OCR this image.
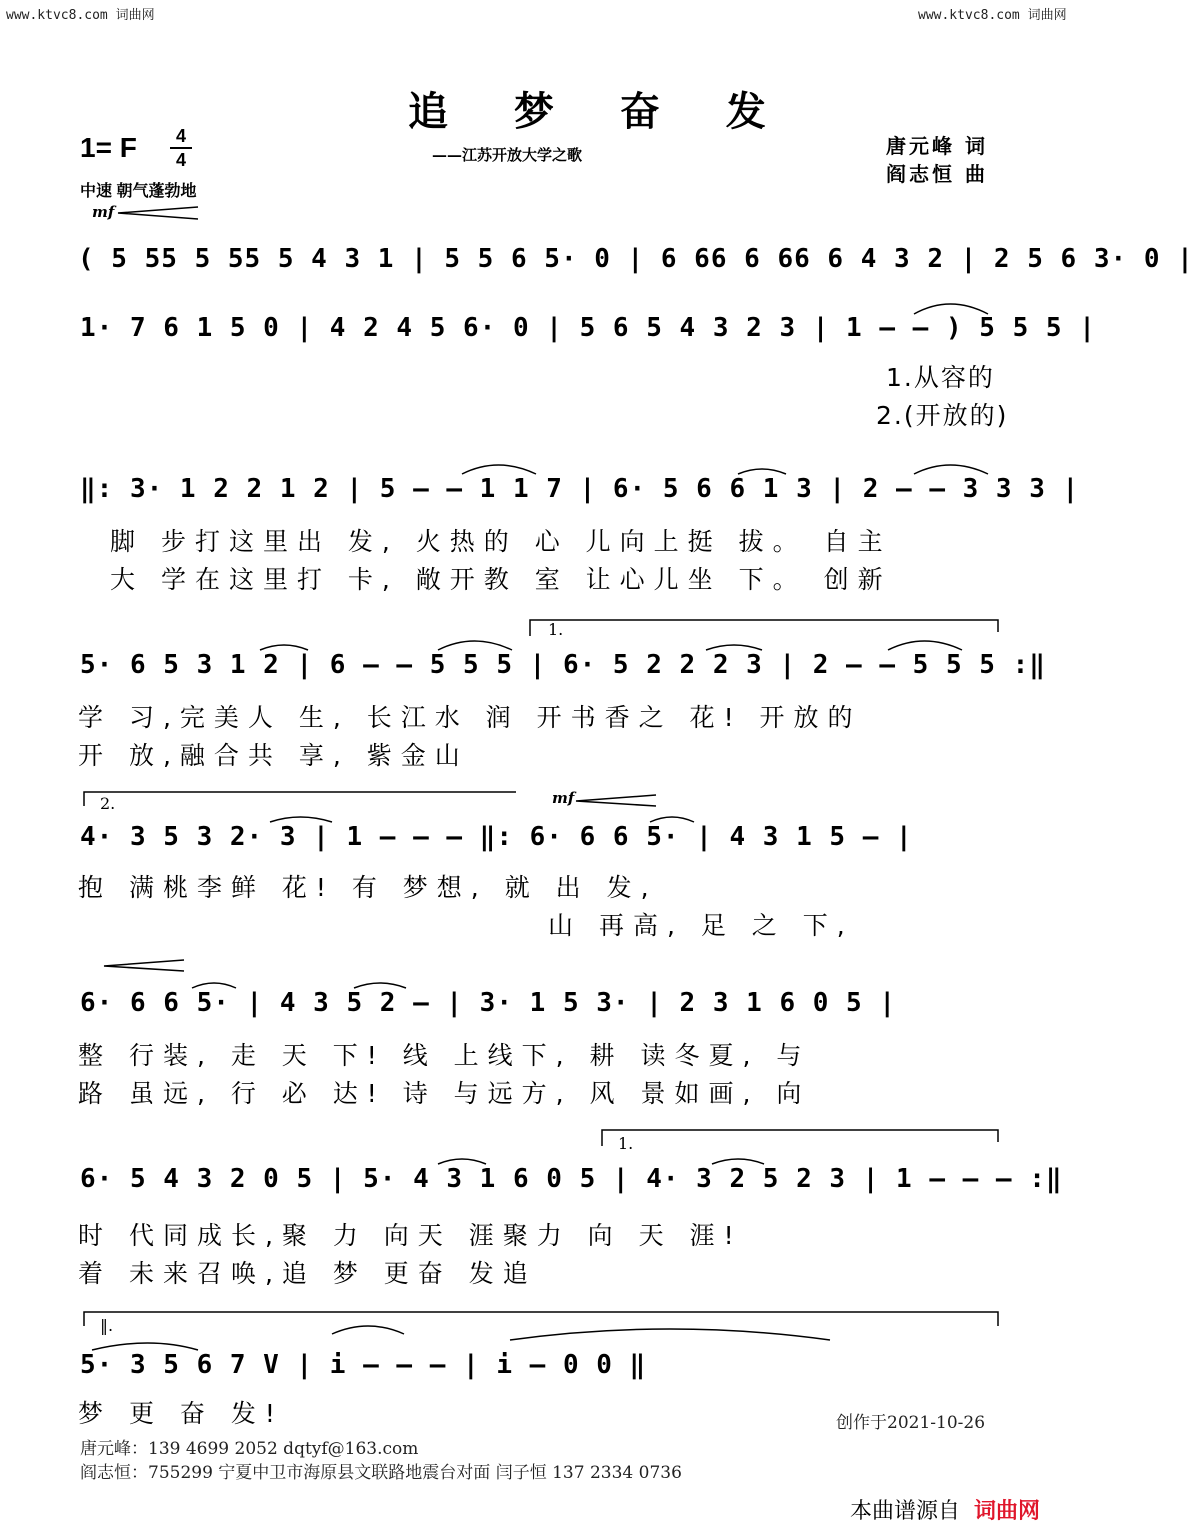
www.ktvc8.com 词曲网	www.ktvc8.com 词曲网
追 梦 奋 发
——江苏开放大学之歌	唐元峰 词
阎志恒 曲
1= F	4
4
中速 朝气蓬勃地
mf
mf
( 5 55 5 55 5 4 3 1 | 5 5 6 5· 0 | 6 66 6 66 6 4 3 2 | 2 5 6 3· 0 |
1· 7 6 1 5 0 | 4 2 4 5 6· 0 | 5 6 5 4 3 2 3 | 1 – – ) 5 5 5 |
1.从容的
2.(开放的)
‖: 3· 1 2 2 1 2 | 5 – – 1 1 7 | 6· 5 6 6 1 3 | 2 – – 3 3 3 |
脚 步打这里出 发, 火热的 心 儿向上挺 拔。 自主
大 学在这里打 卡, 敞开教 室 让心儿坐 下。 创新
1.
5· 6 5 3 1 2 | 6 – – 5 5 5 | 6· 5 2 2 2 3 | 2 – – 5 5 5 :‖
学 习,完美人 生, 长江水 润 开书香之 花! 开放的
开 放,融合共 享, 紫金山
2.
4· 3 5 3 2· 3 | 1 – – – ‖: 6· 6 6 5· | 4 3 1 5 – |
抱 满桃李鲜 花! 有 梦想, 就 出 发,
山 再高, 足 之 下,
6· 6 6 5· | 4 3 5 2 – | 3· 1 5 3· | 2 3 1 6 0 5 |
整 行装, 走 天 下! 线 上线下, 耕 读冬夏, 与
路 虽远, 行 必 达! 诗 与远方, 风 景如画, 向
1.
6· 5 4 3 2 0 5 | 5· 4 3 1 6 0 5 | 4· 3 2 5 2 3 | 1 – – – :‖
时 代同成长,聚 力 向天 涯聚力 向 天 涯!
着 未来召唤,追 梦 更奋 发追
‖.
5· 3 5 6 7 V | i – – – | i – 0 0 ‖
梦 更 奋 发!	创作于2021-10-26
唐元峰：139 4699 2052 dqtyf@163.com
阎志恒：755299 宁夏中卫市海原县文联路地震台对面 闫子恒 137 2334 0736
本曲谱源自 词曲网
